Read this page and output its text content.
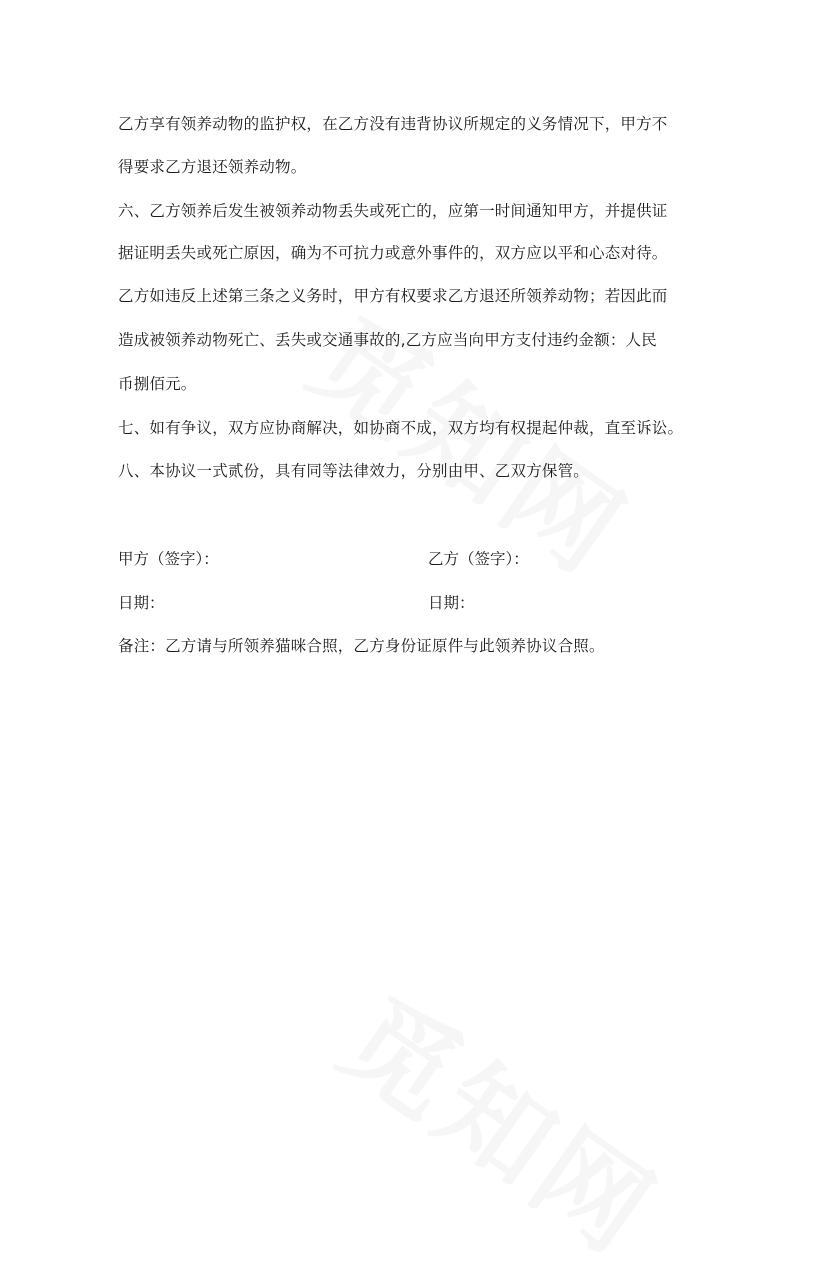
乙方享有领养动物的监护权，在乙方没有违背协议所规定的义务情况下，甲方不
得要求乙方退还领养动物。
六、乙方领养后发生被领养动物丢失或死亡的，应第一时间通知甲方，并提供证
据证明丢失或死亡原因，确为不可抗力或意外事件的，双方应以平和心态对待。
乙方如违反上述第三条之义务时，甲方有权要求乙方退还所领养动物；若因此而
造成被领养动物死亡、丢失或交通事故的,乙方应当向甲方支付违约金额：人民
币捌佰元。
七、如有争议，双方应协商解决，如协商不成，双方均有权提起仲裁，直至诉讼。
八、本协议一式贰份，具有同等法律效力，分别由甲、乙双方保管。
甲方（签字）：	乙方（签字）：
日期：	日期：
备注：乙方请与所领养猫咪合照，乙方身份证原件与此领养协议合照。
